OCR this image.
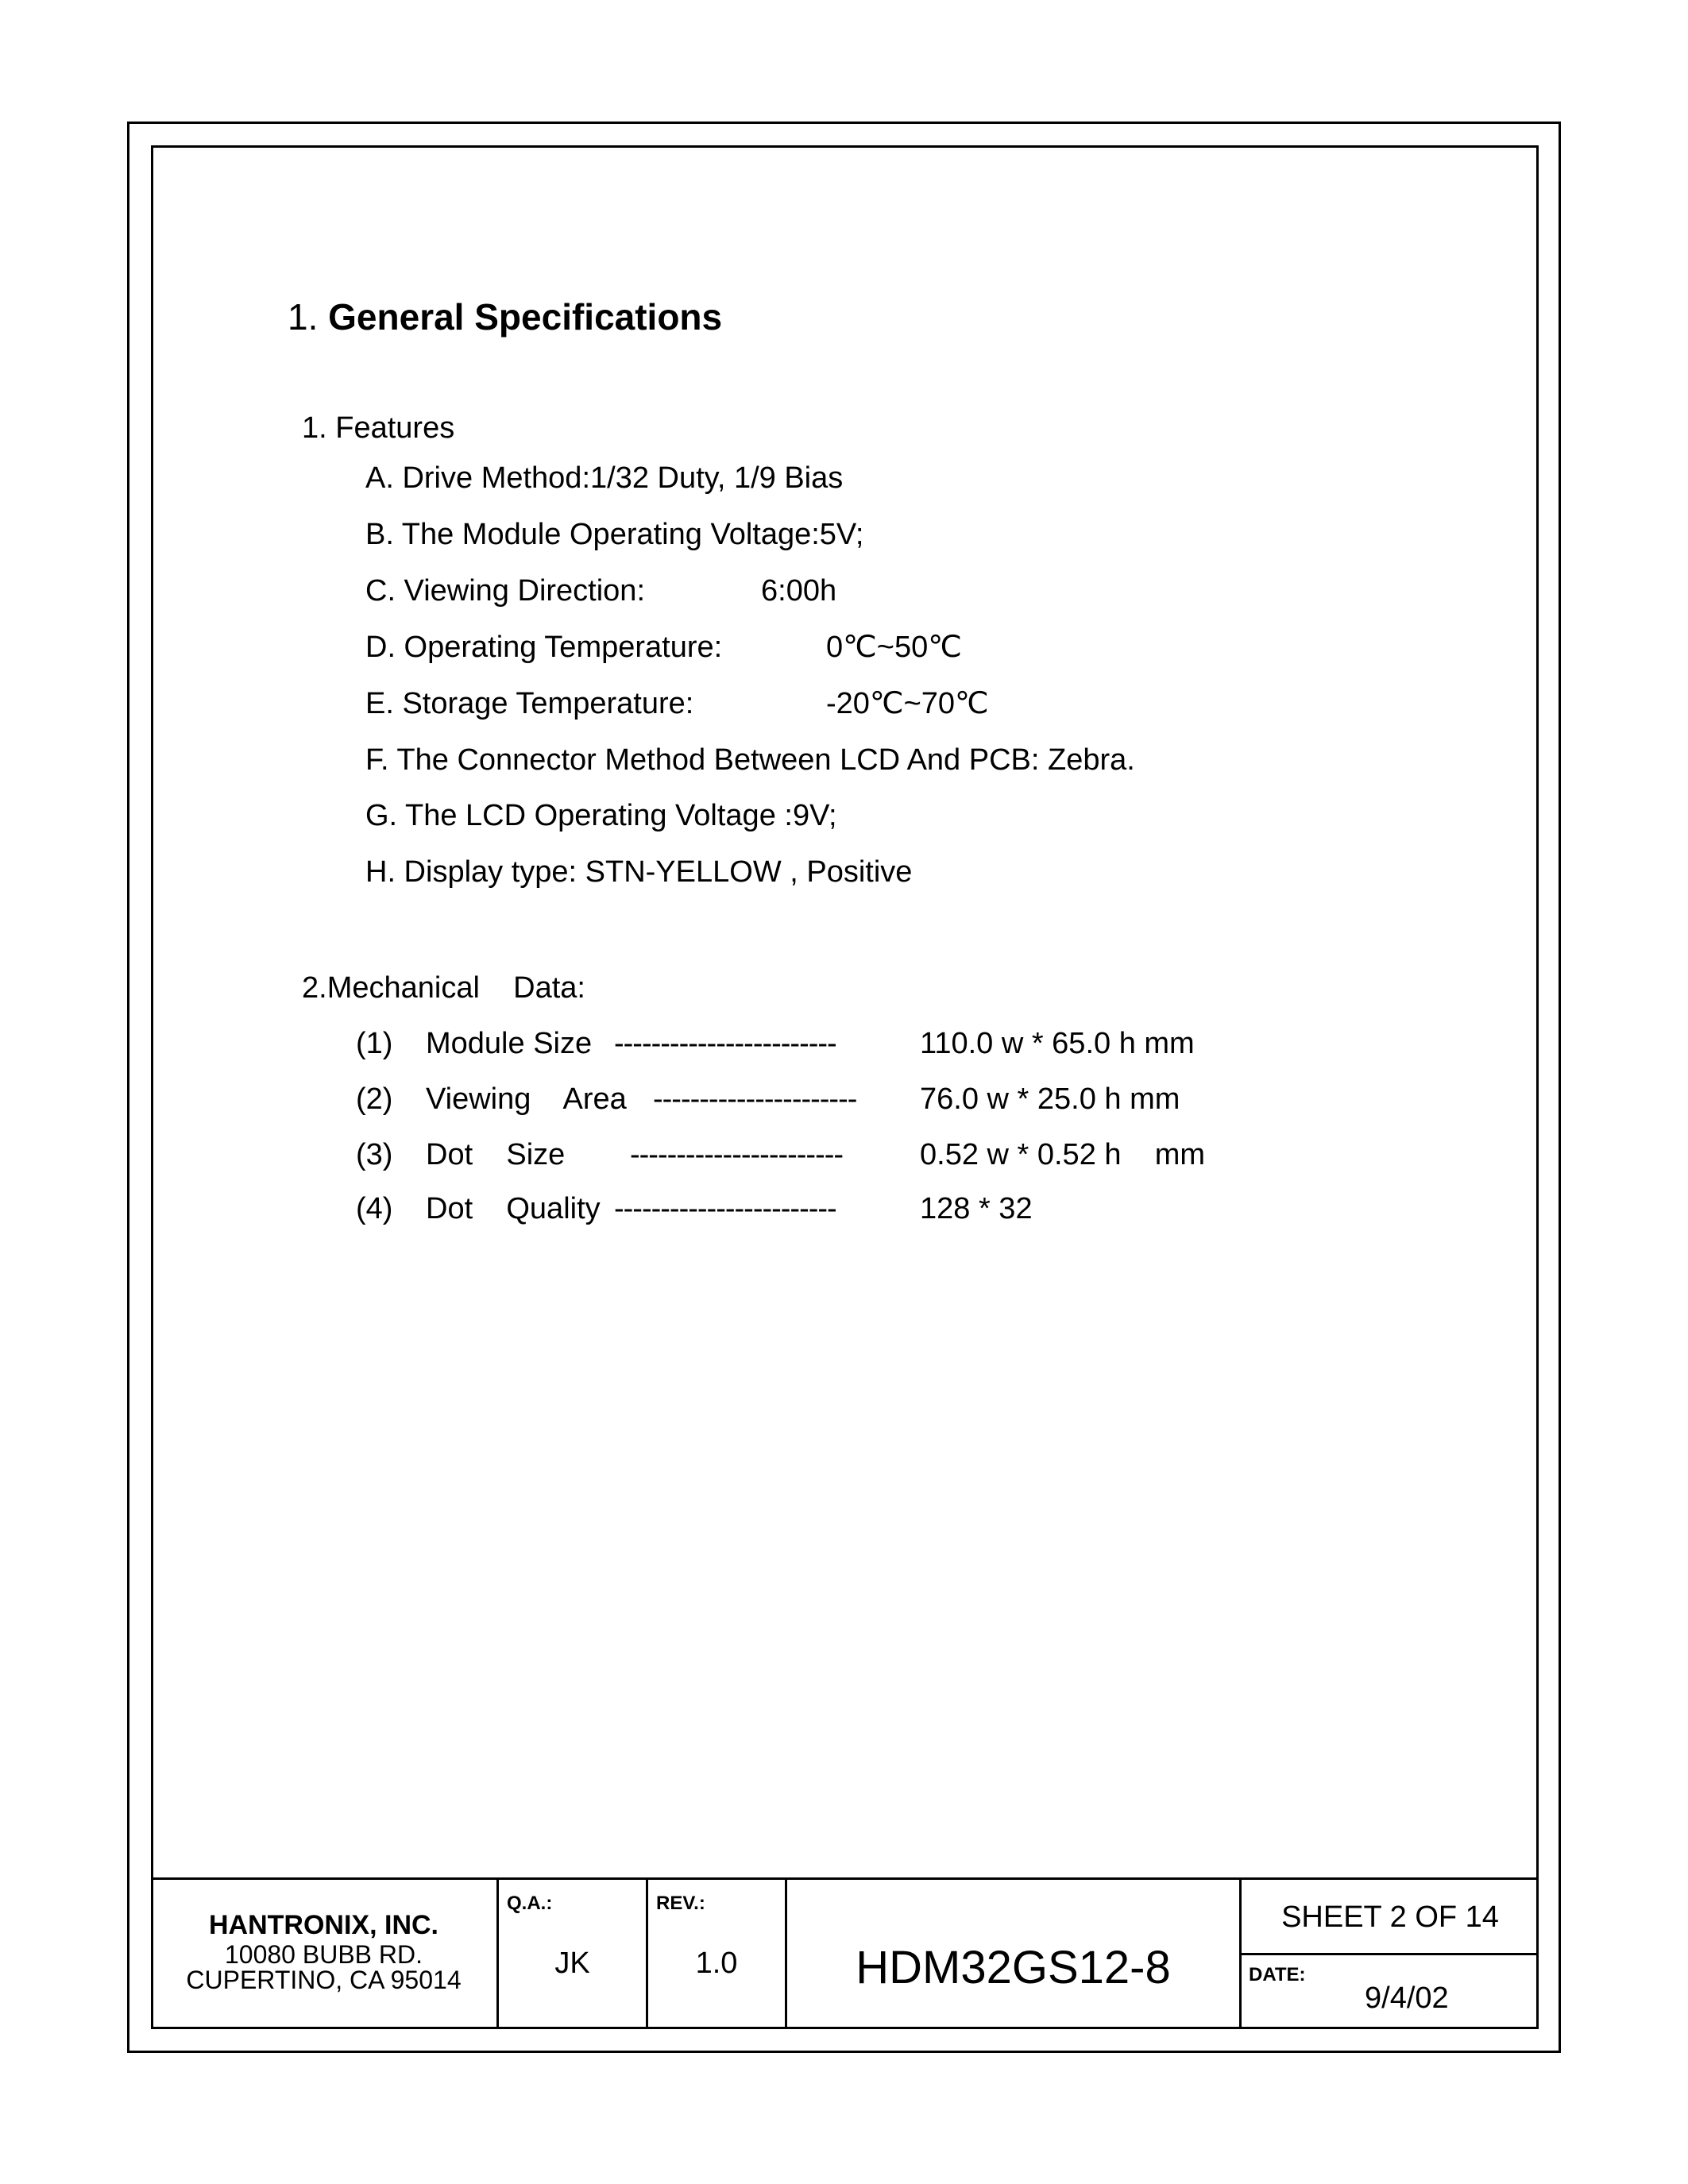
1. General Specifications
1. Features
A. Drive Method:1/32 Duty, 1/9 Bias
B. The Module Operating Voltage:5V;
C. Viewing Direction:	6:00h
D. Operating Temperature:	0℃~50℃
E. Storage Temperature:	-20℃~70℃
F. The Connector Method Between LCD And PCB: Zebra.
G. The LCD Operating Voltage :9V;
H. Display type: STN-YELLOW , Positive
2.Mechanical    Data:
(1) Module Size ------------------------	110.0 w * 65.0 h mm
(2) Viewing    Area ---------------------- 76.0 w * 25.0 h mm
(3) Dot    Size -----------------------	0.52 w * 0.52 h    mm
(4) Dot    Quality ------------------------	128 * 32
HANTRONIX, INC.
10080 BUBB RD.
CUPERTINO, CA 95014
Q.A.:
JK
REV.:
1.0	HDM32GS12-8
SHEET 2 OF 14
DATE:
9/4/02
